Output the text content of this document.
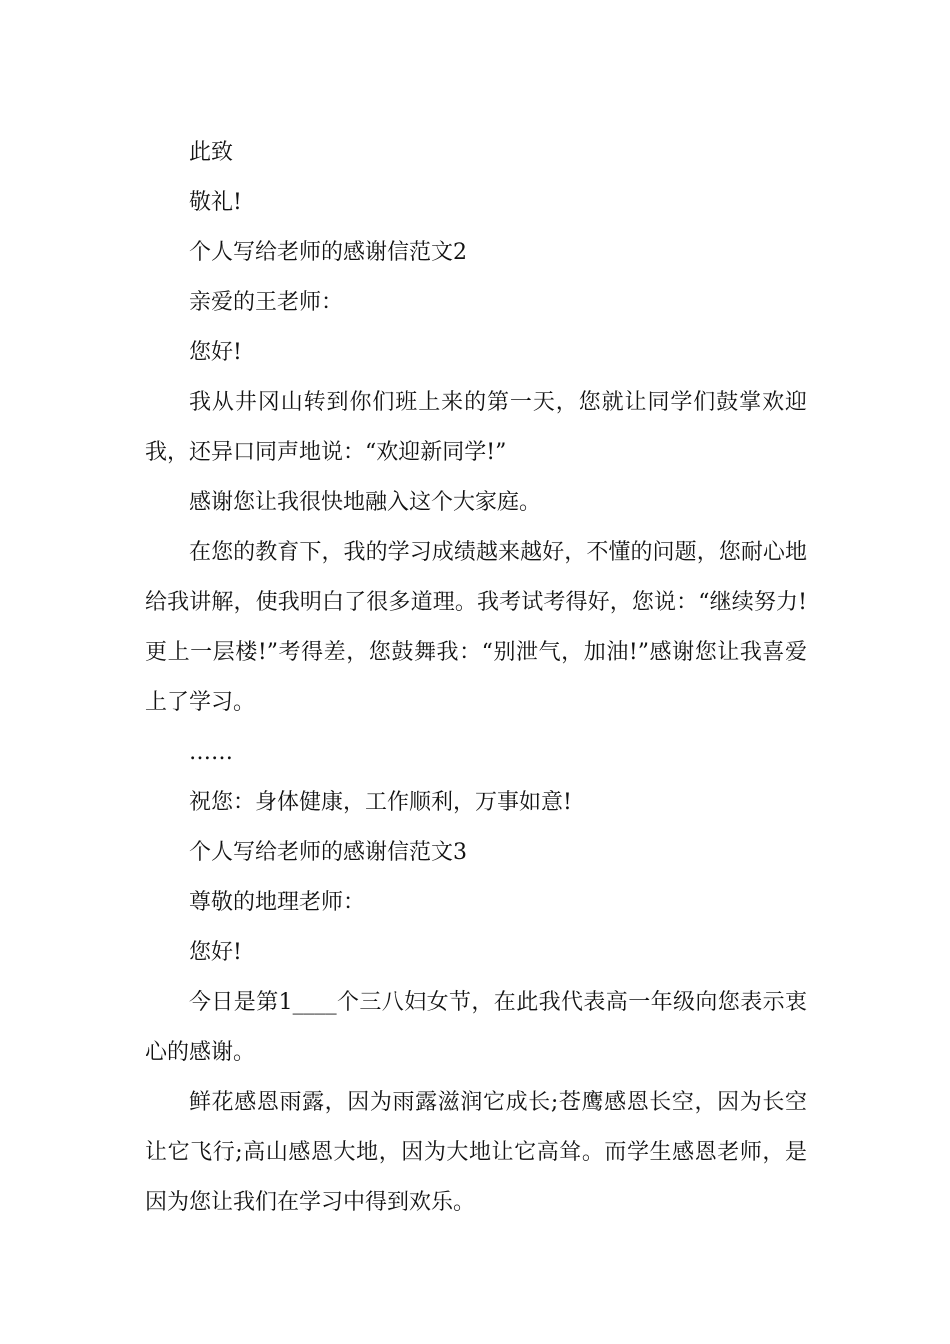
此致

敬礼!

个人写给老师的感谢信范文2

亲爱的王老师：

您好!

我从井冈山转到你们班上来的第一天，您就让同学们鼓掌欢迎我，还异口同声地说：“欢迎新同学!”

感谢您让我很快地融入这个大家庭。

在您的教育下，我的学习成绩越来越好，不懂的问题，您耐心地给我讲解，使我明白了很多道理。我考试考得好，您说：“继续努力!更上一层楼!”考得差，您鼓舞我：“别泄气，加油!”感谢您让我喜爱上了学习。

……

祝您：身体健康，工作顺利，万事如意!

个人写给老师的感谢信范文3

尊敬的地理老师：

您好!

今日是第1____个三八妇女节，在此我代表高一年级向您表示衷心的感谢。

鲜花感恩雨露，因为雨露滋润它成长;苍鹰感恩长空，因为长空让它飞行;高山感恩大地，因为大地让它高耸。而学生感恩老师，是因为您让我们在学习中得到欢乐。
